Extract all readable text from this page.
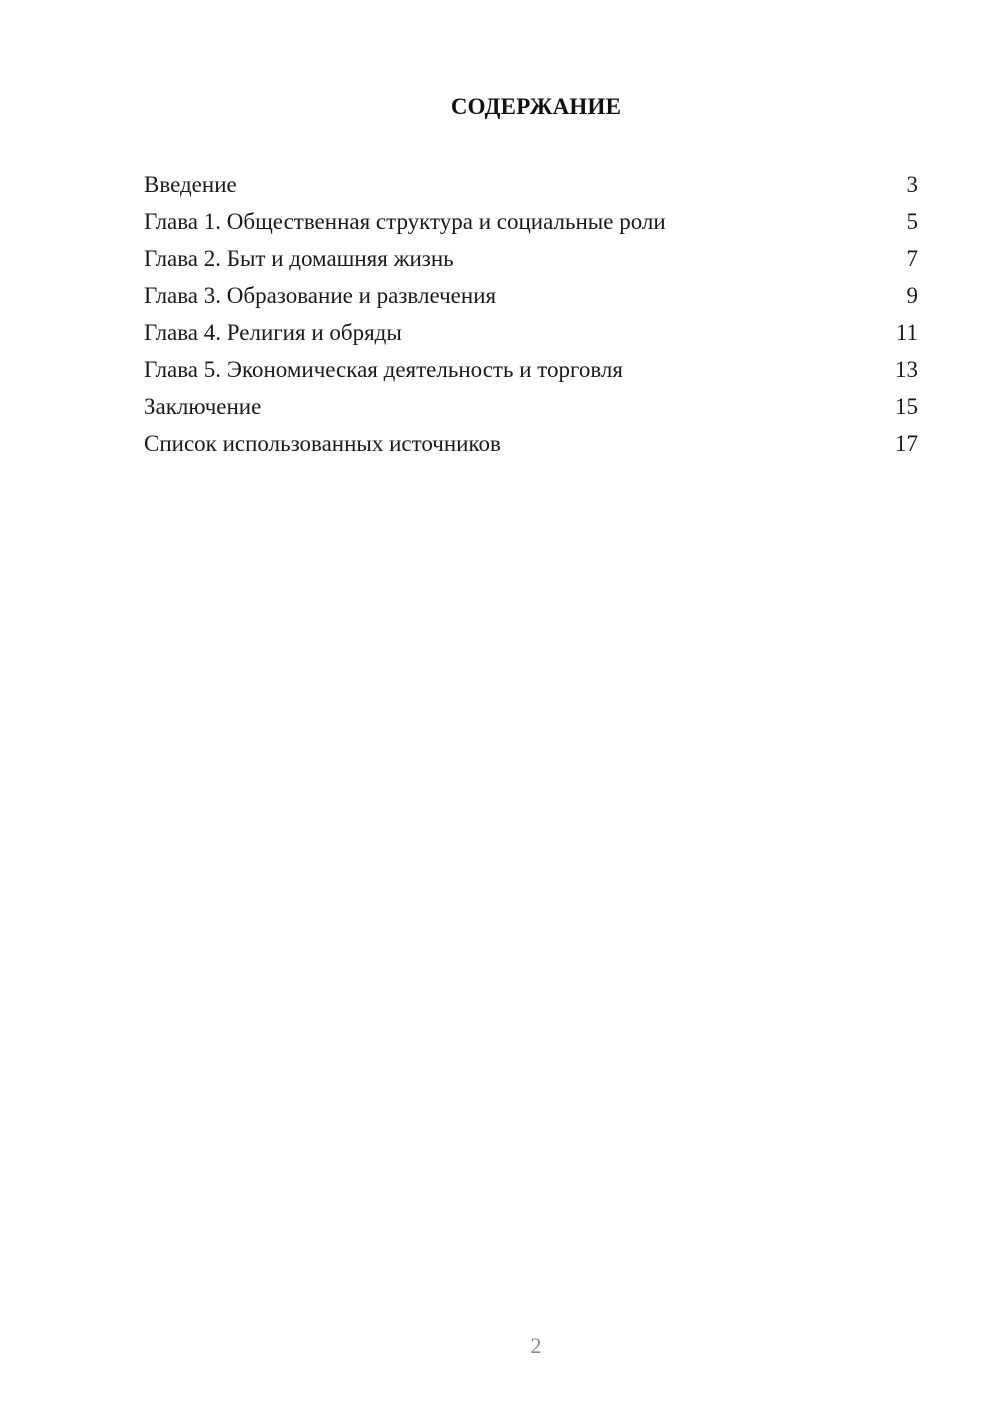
СОДЕРЖАНИЕ
Введение	3
Глава 1. Общественная структура и социальные роли	5
Глава 2. Быт и домашняя жизнь	7
Глава 3. Образование и развлечения	9
Глава 4. Религия и обряды	11
Глава 5. Экономическая деятельность и торговля	13
Заключение	15
Список использованных источников	17
2
